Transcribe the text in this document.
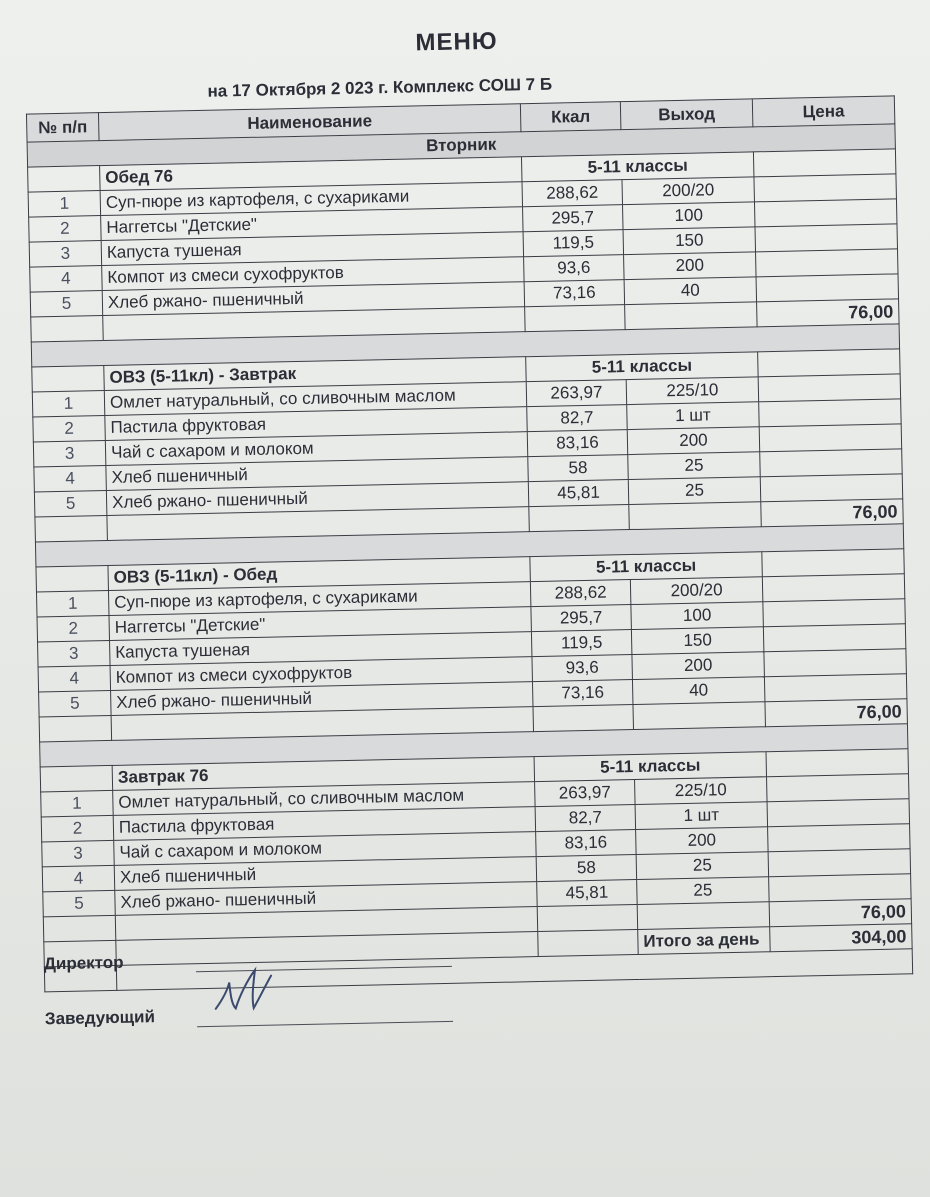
МЕНЮ
на 17 Октября 2 023 г. Комплекс СОШ 7 Б
№ п/п	Наименование	Ккал	Выход	Цена
Вторник				
	Обед 76	5-11 классы		
1	Суп-пюре из картофеля, с сухариками	288,62	200/20	
2	Наггетсы "Детские"	295,7	100	
3	Капуста тушеная	119,5	150	
4	Компот из смеси сухофруктов	93,6	200	
5	Хлеб ржано- пшеничный	73,16	40	
				76,00

	ОВЗ (5-11кл) - Завтрак	5-11 классы		
1	Омлет натуральный, со сливочным маслом	263,97	225/10	
2	Пастила фруктовая	82,7	1 шт	
3	Чай с сахаром и молоком	83,16	200	
4	Хлеб пшеничный	58	25	
5	Хлеб ржано- пшеничный	45,81	25	
				76,00

	ОВЗ (5-11кл) - Обед	5-11 классы		
1	Суп-пюре из картофеля, с сухариками	288,62	200/20	
2	Наггетсы "Детские"	295,7	100	
3	Капуста тушеная	119,5	150	
4	Компот из смеси сухофруктов	93,6	200	
5	Хлеб ржано- пшеничный	73,16	40	
				76,00

	Завтрак 76	5-11 классы		
1	Омлет натуральный, со сливочным маслом	263,97	225/10	
2	Пастила фруктовая	82,7	1 шт	
3	Чай с сахаром и молоком	83,16	200	
4	Хлеб пшеничный	58	25	
5	Хлеб ржано- пшеничный	45,81	25	
				76,00
			Итого за день	304,00

Директор
Заведующий
